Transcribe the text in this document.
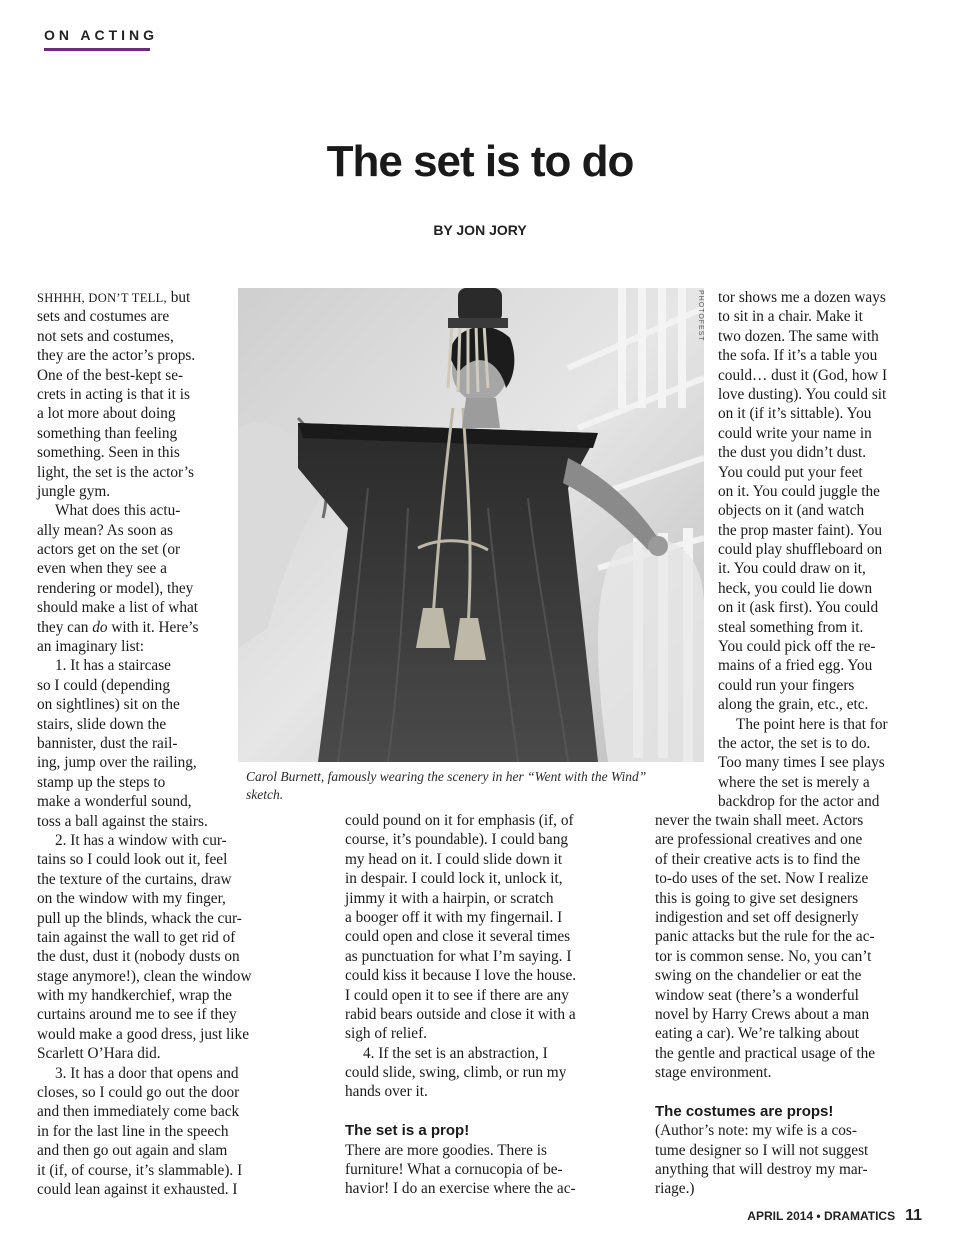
ON ACTING
The set is to do
BY JON JORY
SHHHH, DON’T TELL, but
sets and costumes are
not sets and costumes,
they are the actor’s props.
One of the best-kept se-
crets in acting is that it is
a lot more about doing
something than feeling
something. Seen in this
light, the set is the actor’s
jungle gym.
What does this actu-
ally mean? As soon as
actors get on the set (or
even when they see a
rendering or model), they
should make a list of what
they can do with it. Here’s
an imaginary list:
1. It has a staircase
so I could (depending
on sightlines) sit on the
stairs, slide down the
bannister, dust the rail-
ing, jump over the railing,
stamp up the steps to
make a wonderful sound,
toss a ball against the stairs.
2. It has a window with cur-
tains so I could look out it, feel
the texture of the curtains, draw
on the window with my finger,
pull up the blinds, whack the cur-
tain against the wall to get rid of
the dust, dust it (nobody dusts on
stage anymore!), clean the window
with my handkerchief, wrap the
curtains around me to see if they
would make a good dress, just like
Scarlett O’Hara did.
3. It has a door that opens and
closes, so I could go out the door
and then immediately come back
in for the last line in the speech
and then go out again and slam
it (if, of course, it’s slammable). I
could lean against it exhausted. I
could pound on it for emphasis (if, of
course, it’s poundable). I could bang
my head on it. I could slide down it
in despair. I could lock it, unlock it,
jimmy it with a hairpin, or scratch
a booger off it with my fingernail. I
could open and close it several times
as punctuation for what I’m saying. I
could kiss it because I love the house.
I could open it to see if there are any
rabid bears outside and close it with a
sigh of relief.
4. If the set is an abstraction, I
could slide, swing, climb, or run my
hands over it.
The set is a prop!
There are more goodies. There is
furniture! What a cornucopia of be-
havior! I do an exercise where the ac-
tor shows me a dozen ways
to sit in a chair. Make it
two dozen. The same with
the sofa. If it’s a table you
could… dust it (God, how I
love dusting). You could sit
on it (if it’s sittable). You
could write your name in
the dust you didn’t dust.
You could put your feet
on it. You could juggle the
objects on it (and watch
the prop master faint). You
could play shuffleboard on
it. You could draw on it,
heck, you could lie down
on it (ask first). You could
steal something from it.
You could pick off the re-
mains of a fried egg. You
could run your fingers
along the grain, etc., etc.
The point here is that for
the actor, the set is to do.
Too many times I see plays
where the set is merely a
backdrop for the actor and
never the twain shall meet. Actors
are professional creatives and one
of their creative acts is to find the
to-do uses of the set. Now I realize
this is going to give set designers
indigestion and set off designerly
panic attacks but the rule for the ac-
tor is common sense. No, you can’t
swing on the chandelier or eat the
window seat (there’s a wonderful
novel by Harry Crews about a man
eating a car). We’re talking about
the gentle and practical usage of the
stage environment.
The costumes are props!
(Author’s note: my wife is a cos-
tume designer so I will not suggest
anything that will destroy my mar-
riage.)
PHOTOFEST
Carol Burnett, famously wearing the scenery in her “Went with the Wind” sketch.
APRIL 2014 • DRAMATICS 11
